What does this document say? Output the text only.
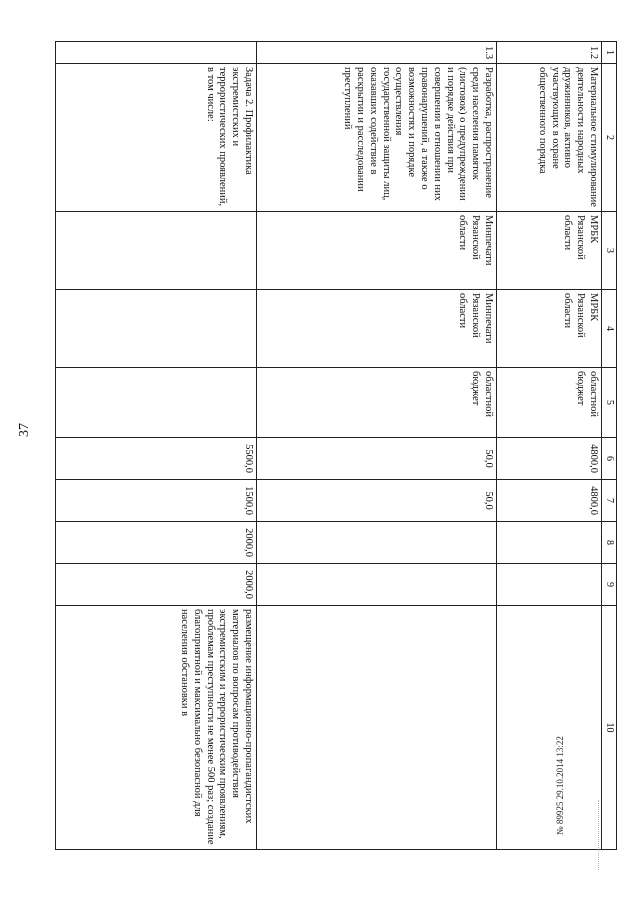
37
1	2	3	4	5	6	7	8	9	10
1.2	Материальное стимулирование деятельности народных дружинников, активно участвующих в охране общественного порядка	МРБК Рязанской области	МРБК Рязанской области	областной бюджет	4800,0	4800,0			
1.3	Разработка, распространение среди населения памяток (листовок) о предупреждении и порядке действия при совершении в отношении них правонарушений, а также о возможностях и порядке осуществления государственной защиты лиц, оказавших содействие в раскрытии и расследовании преступлений	Минпечати Рязанской области	Минпечати Рязанской области	областной бюджет	50,0	50,0			
	Задача 2. Профилактика экстремистских и террористических проявлений, в том числе:				5500,0	1500,0	2000,0	2000,0	размещение информационно-пропагандистских материалов по вопросам противодействия экстремистским и террористическим проявлениям, проблемам преступности не менее 500 раз; создание благоприятной и максимально безопасной для населения обстановки в
№ 89925 29.10.2014 13:22
